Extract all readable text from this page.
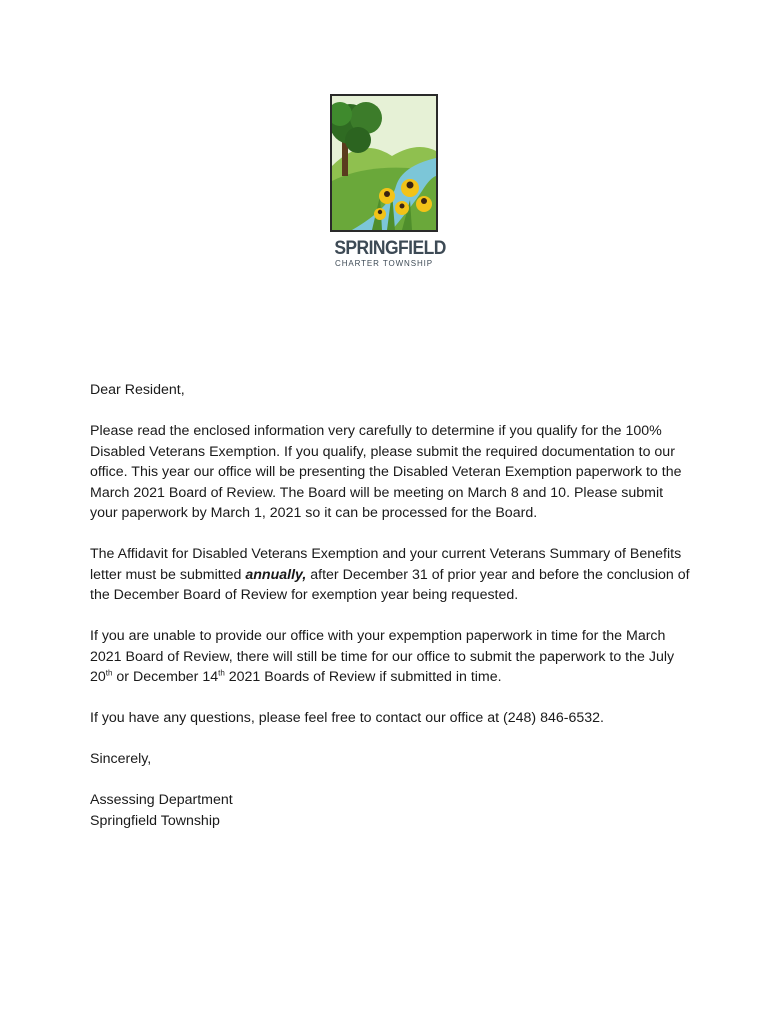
SPRINGFIELD
CHARTER TOWNSHIP

Dear Resident,

Please read the enclosed information very carefully to determine if you qualify for the 100% Disabled Veterans Exemption. If you qualify, please submit the required documentation to our office. This year our office will be presenting the Disabled Veteran Exemption paperwork to the March 2021 Board of Review. The Board will be meeting on March 8 and 10. Please submit your paperwork by March 1, 2021 so it can be processed for the Board.

The Affidavit for Disabled Veterans Exemption and your current Veterans Summary of Benefits letter must be submitted annually, after December 31 of prior year and before the conclusion of the December Board of Review for exemption year being requested.

If you are unable to provide our office with your expemption paperwork in time for the March 2021 Board of Review, there will still be time for our office to submit the paperwork to the July 20th or December 14th 2021 Boards of Review if submitted in time.

If you have any questions, please feel free to contact our office at (248) 846-6532.

Sincerely,

Assessing Department

Springfield Township
